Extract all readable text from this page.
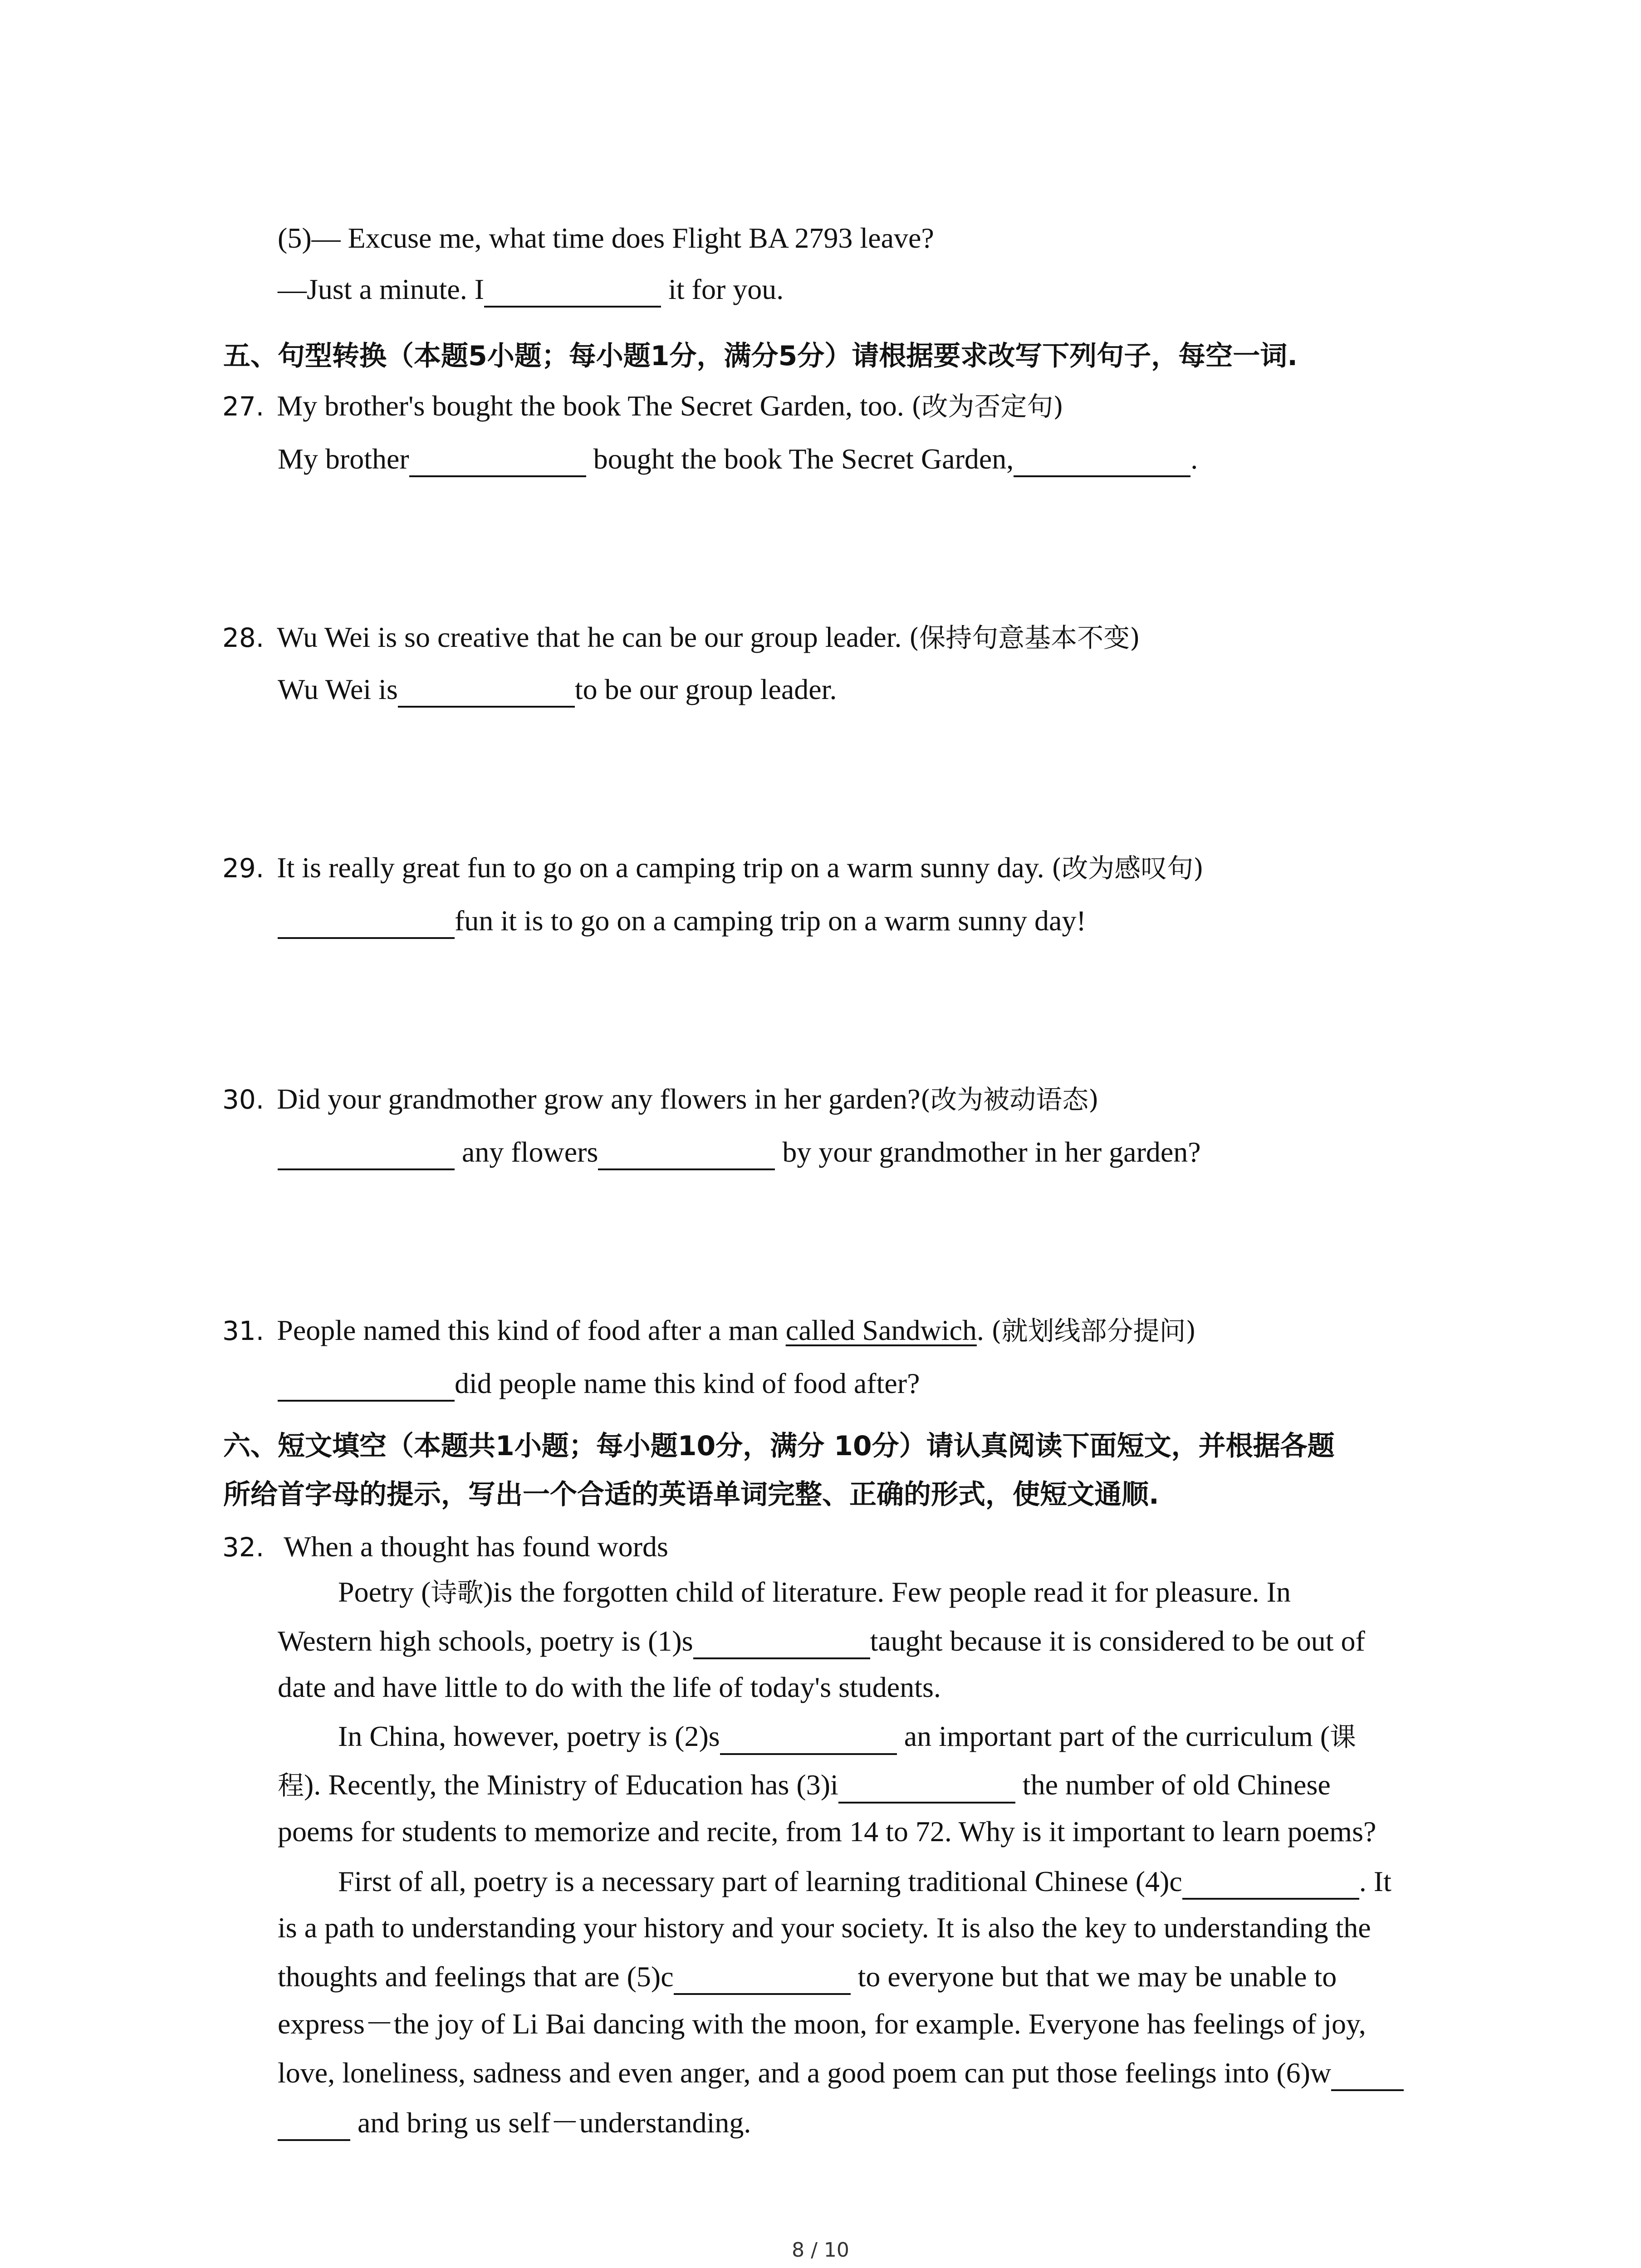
(5)— Excuse me, what time does Flight BA 2793 leave?
—Just a minute. I	it for you.
五、句型转换（本题5小题；每小题1分，满分5分）请根据要求改写下列句子，每空一词.
27. My brother's bought the book The Secret Garden, too. (改为否定句)
My brother	bought the book The Secret Garden,	.
28. Wu Wei is so creative that he can be our group leader. (保持句意基本不变)
Wu Wei is	to be our group leader.
29. It is really great fun to go on a camping trip on a warm sunny day. (改为感叹句)
fun it is to go on a camping trip on a warm sunny day!
30. Did your grandmother grow any flowers in her garden?(改为被动语态)
any flowers	by your grandmother in her garden?
31. People named this kind of food after a man called Sandwich. (就划线部分提问)
did people name this kind of food after?
六、短文填空（本题共1小题；每小题10分，满分 10分）请认真阅读下面短文，并根据各题
所给首字母的提示，写出一个合适的英语单词完整、正确的形式，使短文通顺.
32. When a thought has found words
Poetry (诗歌)is the forgotten child of literature. Few people read it for pleasure. In
Western high schools, poetry is (1)s	taught because it is considered to be out of
date and have little to do with the life of today's students.
In China, however, poetry is (2)s	an important part of the curriculum (课
程). Recently, the Ministry of Education has (3)i	the number of old Chinese
poems for students to memorize and recite, from 14 to 72. Why is it important to learn poems?
First of all, poetry is a necessary part of learning traditional Chinese (4)c	. It
is a path to understanding your history and your society. It is also the key to understanding the
thoughts and feelings that are (5)c	to everyone but that we may be unable to
express－the joy of Li Bai dancing with the moon, for example. Everyone has feelings of joy,
love, loneliness, sadness and even anger, and a good poem can put those feelings into (6)w
and bring us self－understanding.
8 / 10
